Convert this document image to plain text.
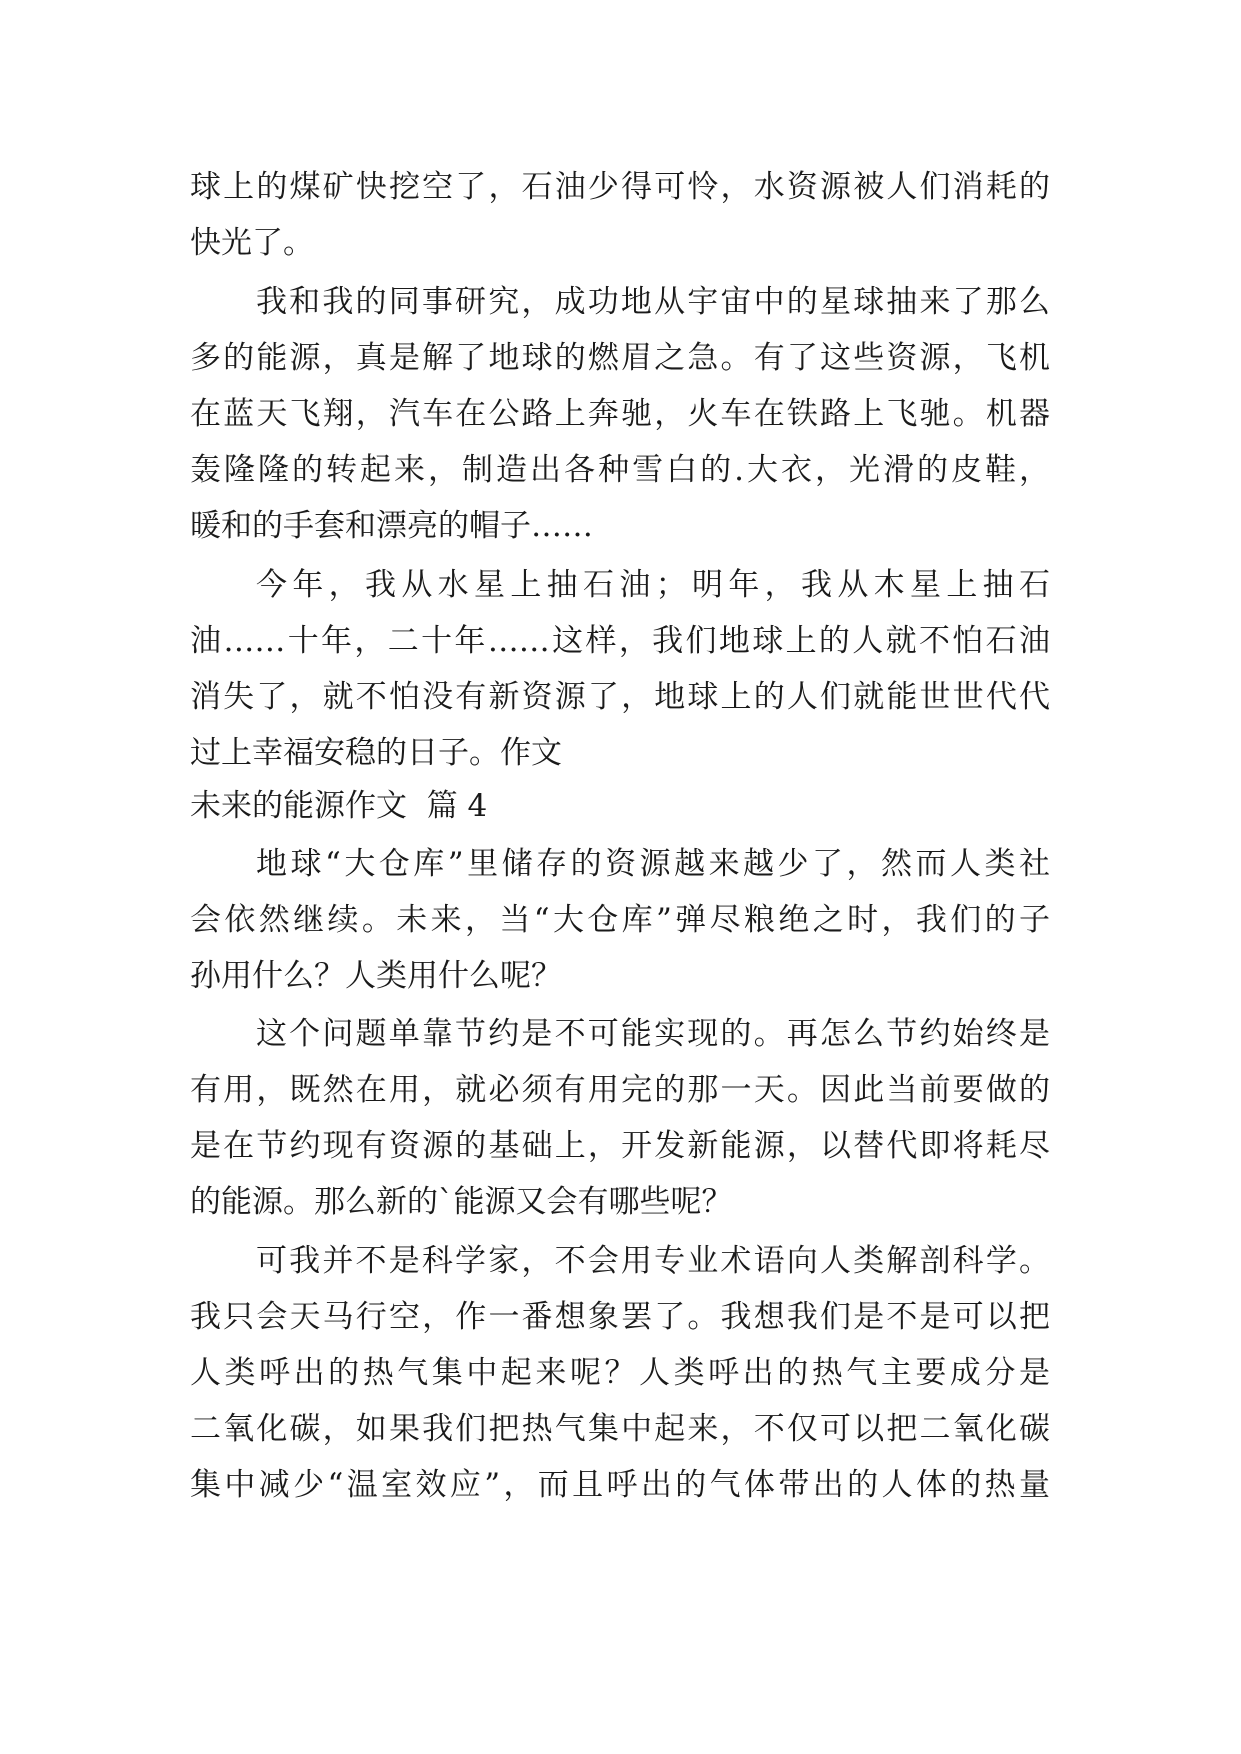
球上的煤矿快挖空了，石油少得可怜，水资源被人们消耗的
快光了。
我和我的同事研究，成功地从宇宙中的星球抽来了那么
多的能源，真是解了地球的燃眉之急。有了这些资源，飞机
在蓝天飞翔，汽车在公路上奔驰，火车在铁路上飞驰。机器
轰隆隆的转起来，制造出各种雪白的.大衣，光滑的皮鞋，
暖和的手套和漂亮的帽子……
今年，我从水星上抽石油；明年，我从木星上抽石
油……十年，二十年……这样，我们地球上的人就不怕石油
消失了，就不怕没有新资源了，地球上的人们就能世世代代
过上幸福安稳的日子。作文
未来的能源作文  篇 4
地球“大仓库”里储存的资源越来越少了，然而人类社
会依然继续。未来，当“大仓库”弹尽粮绝之时，我们的子
孙用什么？人类用什么呢？
这个问题单靠节约是不可能实现的。再怎么节约始终是
有用，既然在用，就必须有用完的那一天。因此当前要做的
是在节约现有资源的基础上，开发新能源，以替代即将耗尽
的能源。那么新的`能源又会有哪些呢？
可我并不是科学家，不会用专业术语向人类解剖科学。
我只会天马行空，作一番想象罢了。我想我们是不是可以把
人类呼出的热气集中起来呢？人类呼出的热气主要成分是
二氧化碳，如果我们把热气集中起来，不仅可以把二氧化碳
集中减少“温室效应”，而且呼出的气体带出的人体的热量
